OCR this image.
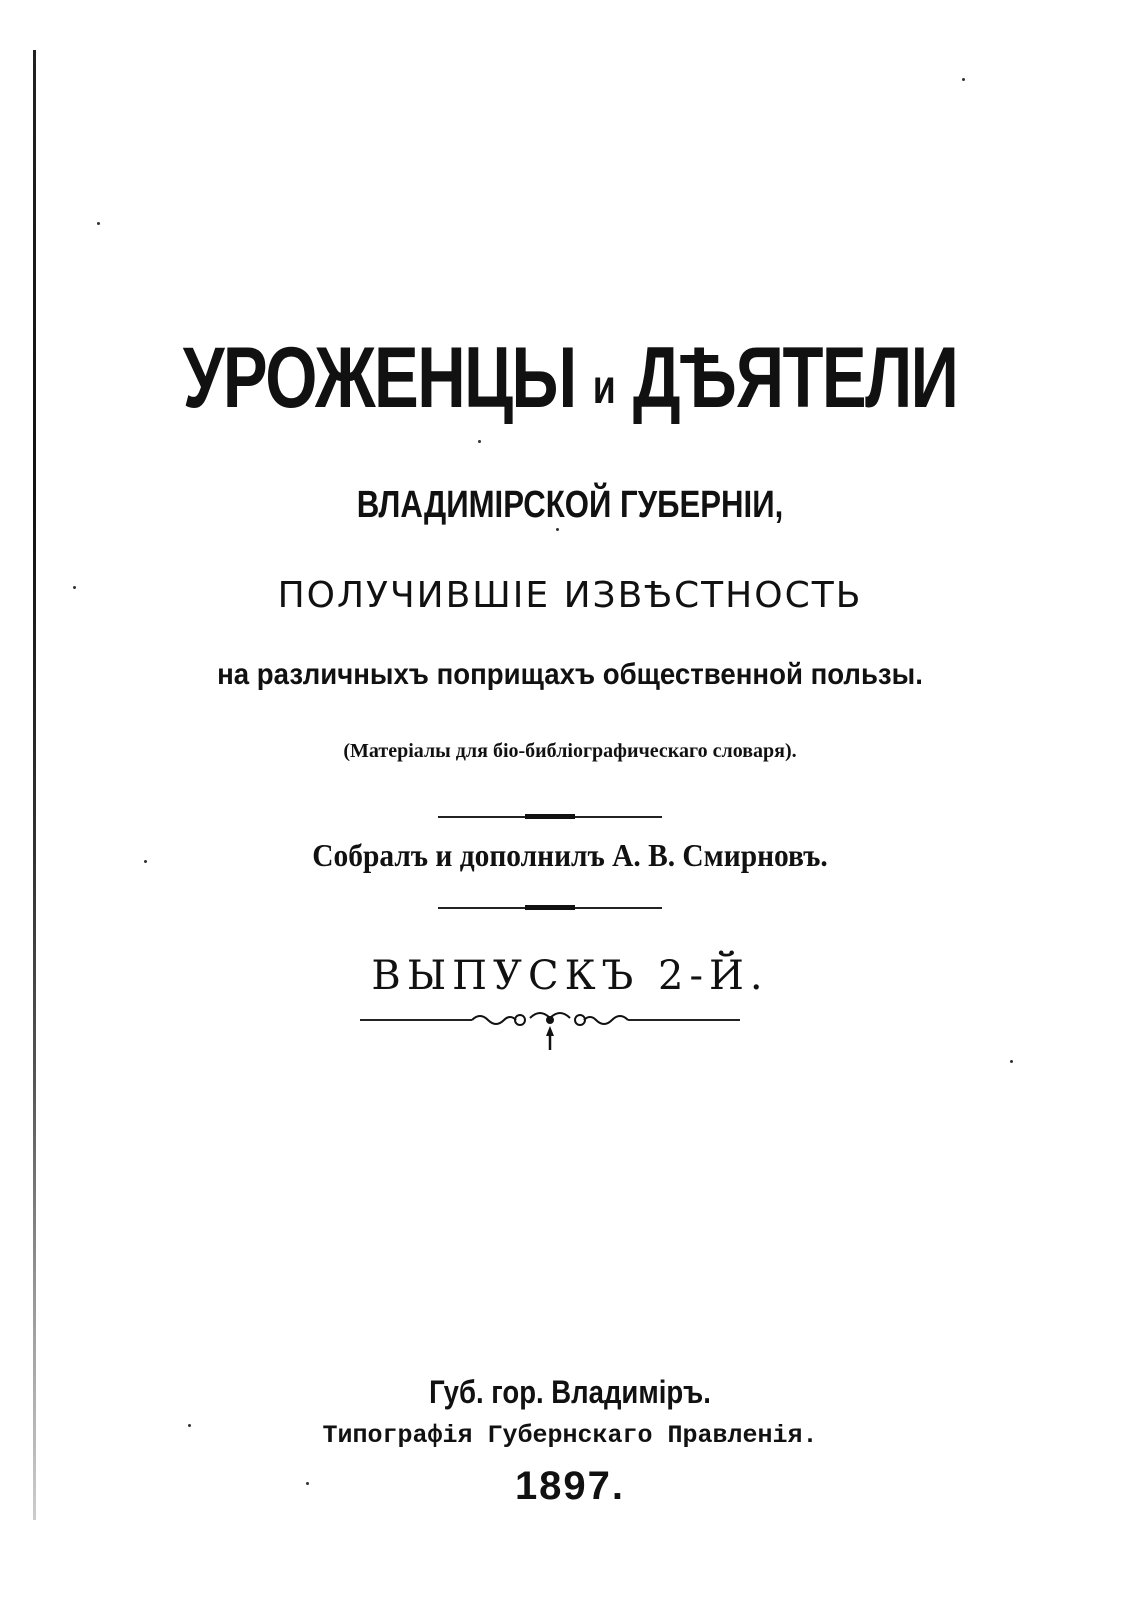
УРОЖЕНЦЫ и ДѢЯТЕЛИ
ВЛАДИМІРСКОЙ ГУБЕРНІИ,
ПОЛУЧИВШІЕ ИЗВѢСТНОСТЬ
на различныхъ поприщахъ общественной пользы.
(Матеріалы для біо-библіографическаго словаря).
Собралъ и дополнилъ А. В. Смирновъ.
ВЫПУСКЪ 2-Й.
Губ. гор. Владиміръ.
Типографія Губернскаго Правленія.
1897.
